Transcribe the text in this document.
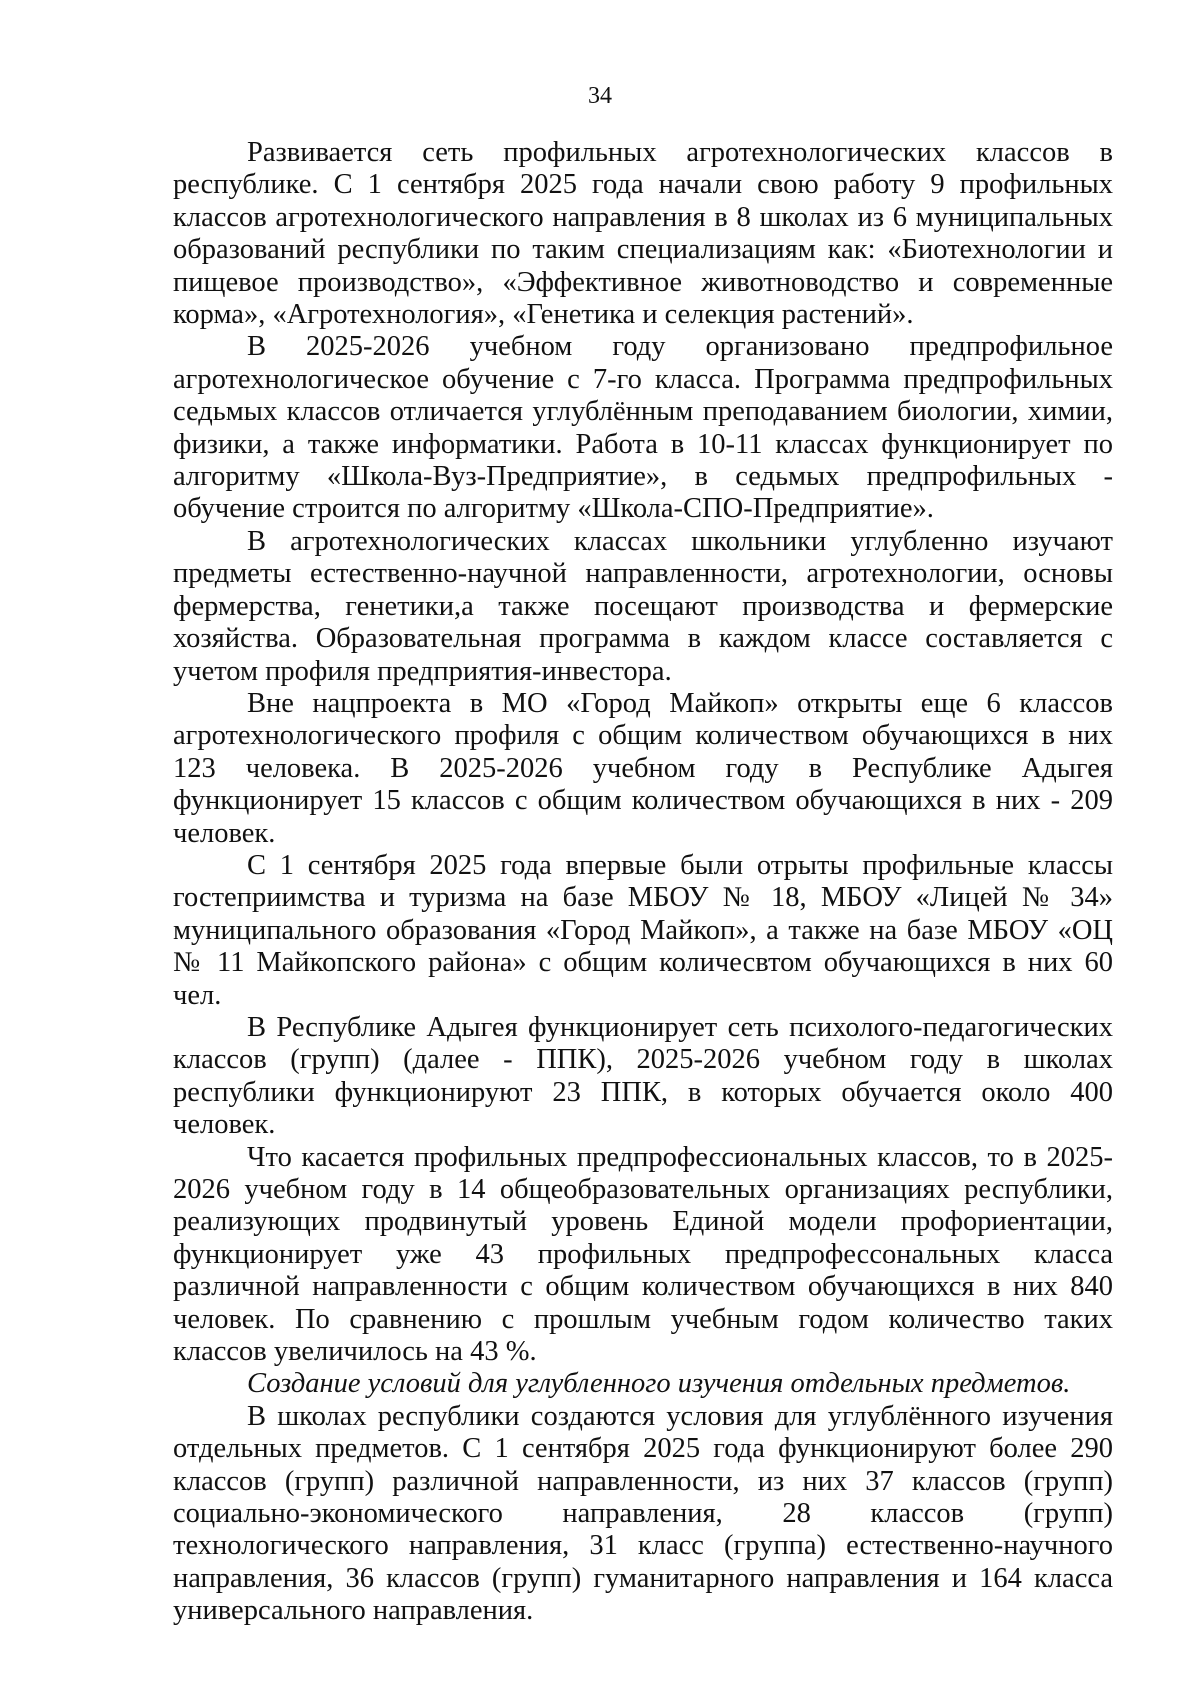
34

Развивается сеть профильных агротехнологических классов в республике. С 1 сентября 2025 года начали свою работу 9 профильных классов агротехнологического направления в 8 школах из 6 муниципальных образований республики по таким специализациям как: «Биотехнологии и пищевое производство», «Эффективное животноводство и современные корма», «Агротехнология», «Генетика и селекция растений».

В 2025-2026 учебном году организовано предпрофильное агротехнологическое обучение с 7-го класса. Программа предпрофильных седьмых классов отличается углублённым преподаванием биологии, химии, физики, а также информатики. Работа в 10-11 классах функционирует по алгоритму «Школа-Вуз-Предприятие», в седьмых предпрофильных - обучение строится по алгоритму «Школа-СПО-Предприятие».

В агротехнологических классах школьники углубленно изучают предметы естественно-научной направленности, агротехнологии, основы фермерства, генетики,а также посещают производства и фермерские хозяйства. Образовательная программа в каждом классе составляется с учетом профиля предприятия-инвестора.

Вне нацпроекта в МО «Город Майкоп» открыты еще 6 классов агротехнологического профиля с общим количеством обучающихся в них 123 человека. В 2025-2026 учебном году в Республике Адыгея функционирует 15 классов с общим количеством обучающихся в них - 209 человек.

С 1 сентября 2025 года впервые были отрыты профильные классы гостеприимства и туризма на базе МБОУ № 18, МБОУ «Лицей № 34» муниципального образования «Город Майкоп», а также на базе МБОУ «ОЦ № 11 Майкопского района» с общим количесвтом обучающихся в них 60 чел.

В Республике Адыгея функционирует сеть психолого-педагогических классов (групп) (далее - ППК), 2025-2026 учебном году в школах республики функционируют 23 ППК, в которых обучается около 400 человек.

Что касается профильных предпрофессиональных классов, то в 2025-2026 учебном году в 14 общеобразовательных организациях республики, реализующих продвинутый уровень Единой модели профориентации, функционирует уже 43 профильных предпрофессональных класса различной направленности с общим количеством обучающихся в них 840 человек. По сравнению с прошлым учебным годом количество таких классов увеличилось на 43 %.

Создание условий для углубленного изучения отдельных предметов.

В школах республики создаются условия для углублённого изучения отдельных предметов. С 1 сентября 2025 года функционируют более 290 классов (групп) различной направленности, из них 37 классов (групп) социально-экономического направления, 28 классов (групп) технологического направления, 31 класс (группа) естественно-научного направления, 36 классов (групп) гуманитарного направления и 164 класса универсального направления.
